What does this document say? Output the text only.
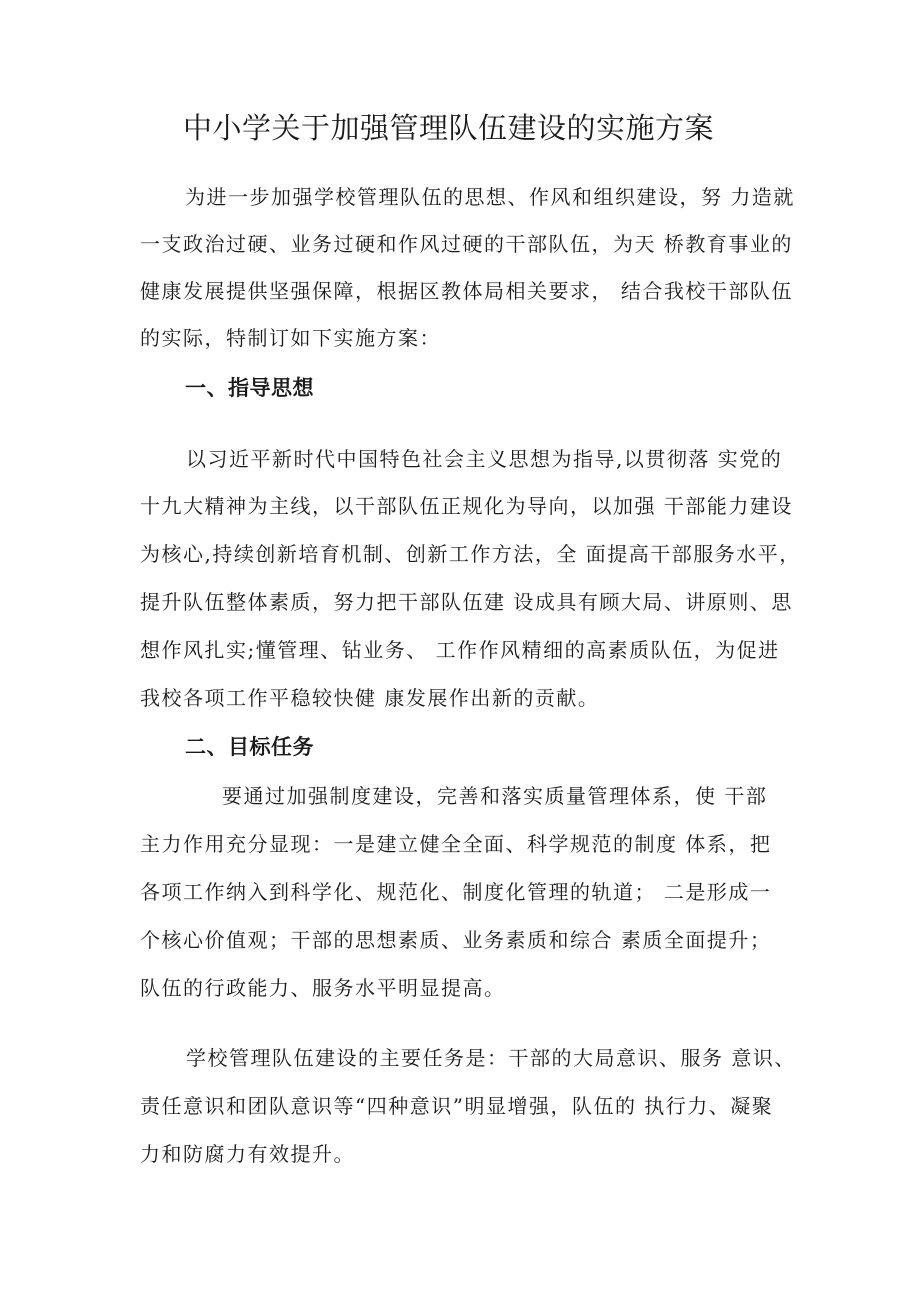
中小学关于加强管理队伍建设的实施方案
为进一步加强学校管理队伍的思想、作风和组织建设，努 力造就
一支政治过硬、业务过硬和作风过硬的干部队伍，为天 桥教育事业的
健康发展提供坚强保障，根据区教体局相关要求， 结合我校干部队伍
的实际，特制订如下实施方案：
一、指导思想
以习近平新时代中国特色社会主义思想为指导,以贯彻落 实党的
十九大精神为主线，以干部队伍正规化为导向，以加强 干部能力建设
为核心,持续创新培育机制、创新工作方法，全 面提高干部服务水平，
提升队伍整体素质，努力把干部队伍建 设成具有顾大局、讲原则、思
想作风扎实;懂管理、钻业务、 工作作风精细的高素质队伍，为促进
我校各项工作平稳较快健 康发展作出新的贡献。
二、目标任务
要通过加强制度建设，完善和落实质量管理体系，使 干部
主力作用充分显现：一是建立健全全面、科学规范的制度 体系，把
各项工作纳入到科学化、规范化、制度化管理的轨道； 二是形成一
个核心价值观；干部的思想素质、业务素质和综合 素质全面提升；
队伍的行政能力、服务水平明显提高。
学校管理队伍建设的主要任务是：干部的大局意识、服务 意识、
责任意识和团队意识等“四种意识”明显增强，队伍的 执行力、凝聚
力和防腐力有效提升。
